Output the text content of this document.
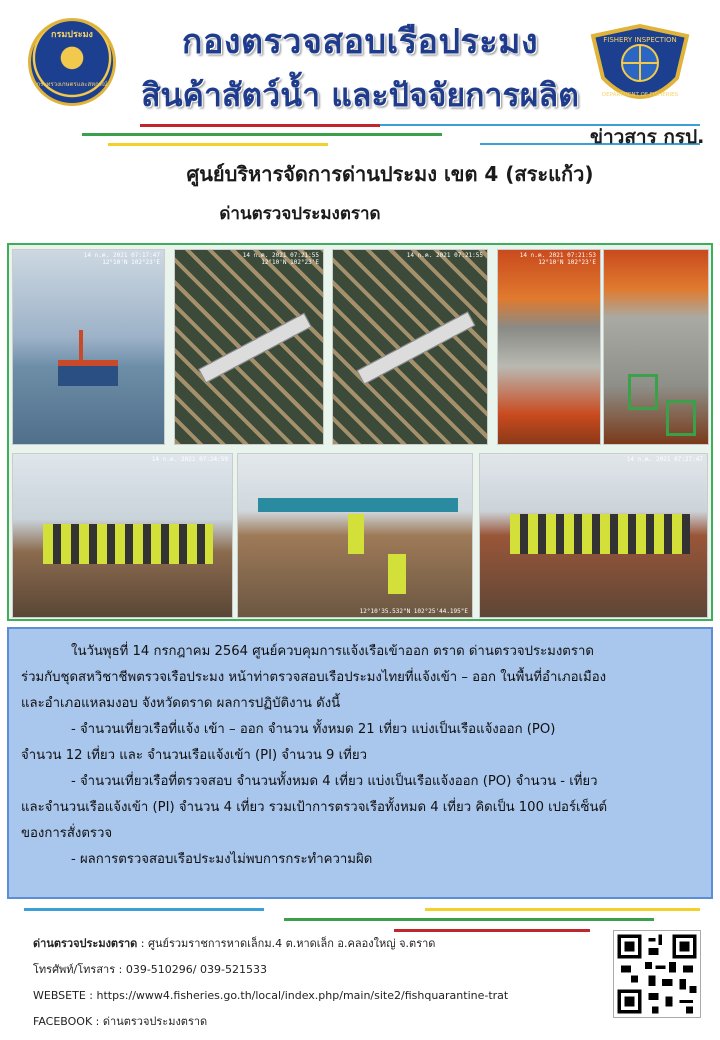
กรมประมง
กระทรวงเกษตรและสหกรณ์
FISHERY INSPECTION
DEPARTMENT OF FISHERIES
กองตรวจสอบเรือประมง
สินค้าสัตว์น้ำ และปัจจัยการผลิต
ข่าวสาร กรป.
ศูนย์บริหารจัดการด่านประมง เขต 4 (สระแก้ว)
ด่านตรวจประมงตราด
14 ก.ค. 2021 07:17:47
12°10'N 102°23'E
14 ก.ค. 2021 07:21:55
12°10'N 102°23'E
14 ก.ค. 2021 07:21:55	14 ก.ค. 2021 07:21:53
12°10'N 102°23'E
14 ก.ค. 2021 07:24:59
12°10'35.532"N 102°25'44.195"E
14 ก.ค. 2021 07:27:47

ในวันพุธที่ 14 กรกฎาคม 2564 ศูนย์ควบคุมการแจ้งเรือเข้าออก ตราด ด่านตรวจประมงตราด

ร่วมกับชุดสหวิชาชีพตรวจเรือประมง หน้าท่าตรวจสอบเรือประมงไทยที่แจ้งเข้า – ออก ในพื้นที่อำเภอเมือง

และอำเภอแหลมงอบ จังหวัดตราด ผลการปฏิบัติงาน ดังนี้

- จำนวนเที่ยวเรือที่แจ้ง เข้า – ออก จำนวน ทั้งหมด 21 เที่ยว แบ่งเป็นเรือแจ้งออก (PO)

จำนวน 12 เที่ยว และ จำนวนเรือแจ้งเข้า (PI) จำนวน 9 เที่ยว

- จำนวนเที่ยวเรือที่ตรวจสอบ จำนวนทั้งหมด 4 เที่ยว แบ่งเป็นเรือแจ้งออก (PO) จำนวน - เที่ยว

และจำนวนเรือแจ้งเข้า (PI) จำนวน 4 เที่ยว รวมเป้าการตรวจเรือทั้งหมด 4 เที่ยว คิดเป็น 100 เปอร์เซ็นต์

ของการสั่งตรวจ

- ผลการตรวจสอบเรือประมงไม่พบการกระทำความผิด

ด่านตรวจประมงตราด : ศูนย์รวมราชการหาดเล็กม.4 ต.หาดเล็ก อ.คลองใหญ่ จ.ตราด
โทรศัพท์/โทรสาร : 039-510296/ 039-521533
WEBSETE : https://www4.fisheries.go.th/local/index.php/main/site2/fishquarantine-trat
FACEBOOK : ด่านตรวจประมงตราด
